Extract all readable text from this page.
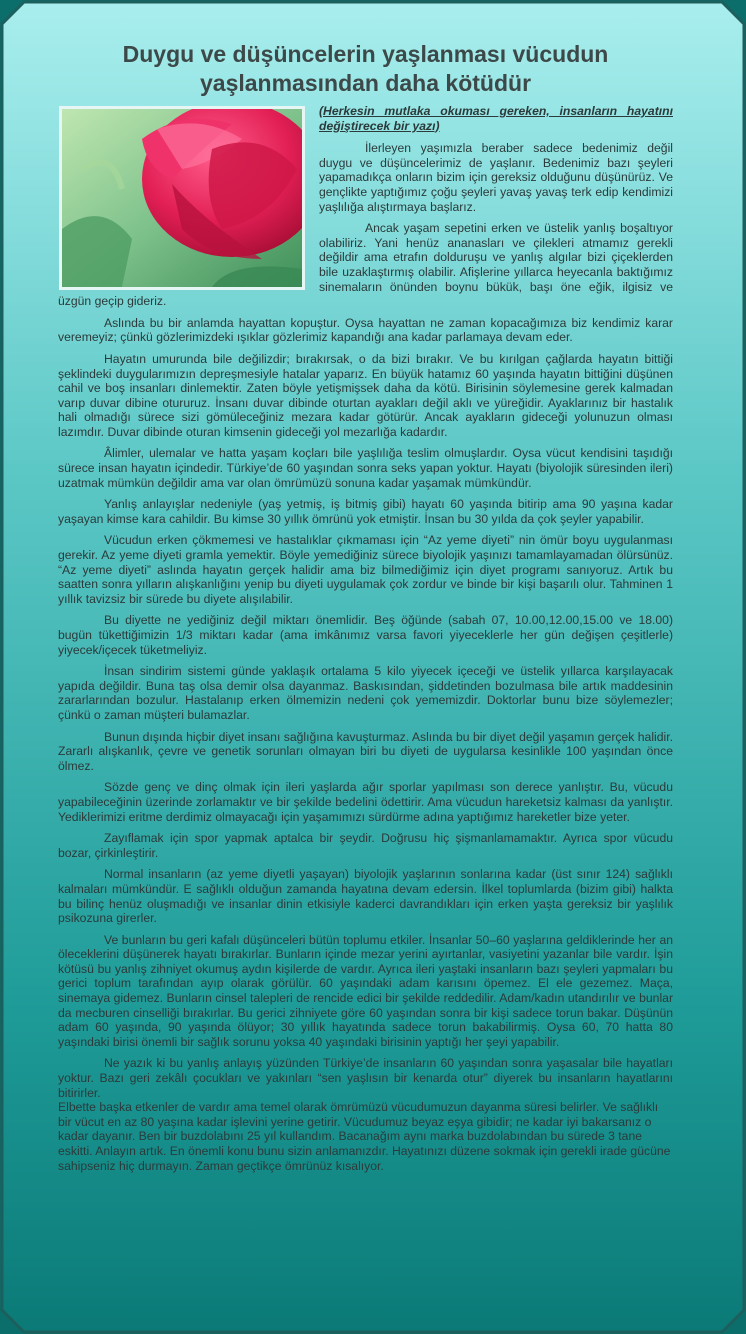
Duygu ve düşüncelerin yaşlanması vücudun yaşlanmasından daha kötüdür

(Herkesin mutlaka okuması gereken, insanların hayatını değiştirecek bir yazı)

İlerleyen yaşımızla beraber sadece bedenimiz değil duygu ve düşüncelerimiz de yaşlanır. Bedenimiz bazı şeyleri yapamadıkça onların bizim için gereksiz olduğunu düşünürüz. Ve gençlikte yaptığımız çoğu şeyleri yavaş yavaş terk edip kendimizi yaşlılığa alıştırmaya başlarız.

Ancak yaşam sepetini erken ve üstelik yanlış boşaltıyor olabiliriz. Yani henüz ananasları ve çilekleri atmamız gerekli değildir ama etrafın dolduruşu ve yanlış algılar bizi çiçeklerden bile uzaklaştırmış olabilir. Afişlerine yıllarca heyecanla baktığımız sinemaların önünden boynu bükük, başı öne eğik, ilgisiz ve üzgün geçip gideriz.

Aslında bu bir anlamda hayattan kopuştur. Oysa hayattan ne zaman kopacağımıza biz kendimiz karar veremeyiz; çünkü gözlerimizdeki ışıklar gözlerimiz kapandığı ana kadar parlamaya devam eder.

Hayatın umurunda bile değilizdir; bırakırsak, o da bizi bırakır. Ve bu kırılgan çağlarda hayatın bittiği şeklindeki duygularımızın depreşmesiyle hatalar yaparız. En büyük hatamız 60 yaşında hayatın bittiğini düşünen cahil ve boş insanları dinlemektir. Zaten böyle yetişmişsek daha da kötü. Birisinin söylemesine gerek kalmadan varıp duvar dibine otururuz. İnsanı duvar dibinde oturtan ayakları değil aklı ve yüreğidir. Ayaklarınız bir hastalık hali olmadığı sürece sizi gömüleceğiniz mezara kadar götürür. Ancak ayakların gideceği yolunuzun olması lazımdır. Duvar dibinde oturan kimsenin gideceği yol mezarlığa kadardır.

Âlimler, ulemalar ve hatta yaşam koçları bile yaşlılığa teslim olmuşlardır. Oysa vücut kendisini taşıdığı sürece insan hayatın içindedir. Türkiye’de 60 yaşından sonra seks yapan yoktur. Hayatı (biyolojik süresinden ileri) uzatmak mümkün değildir ama var olan ömrümüzü sonuna kadar yaşamak mümkündür.

Yanlış anlayışlar nedeniyle (yaş yetmiş, iş bitmiş gibi) hayatı 60 yaşında bitirip ama 90 yaşına kadar yaşayan kimse kara cahildir. Bu kimse 30 yıllık ömrünü yok etmiştir. İnsan bu 30 yılda da çok şeyler yapabilir.

Vücudun erken çökmemesi ve hastalıklar çıkmaması için “Az yeme diyeti” nin ömür boyu uygulanması gerekir. Az yeme diyeti gramla yemektir. Böyle yemediğiniz sürece biyolojik yaşınızı tamamlayamadan ölürsünüz. “Az yeme diyeti” aslında hayatın gerçek halidir ama biz bilmediğimiz için diyet programı sanıyoruz. Artık bu saatten sonra yılların alışkanlığını yenip bu diyeti uygulamak çok zordur ve binde bir kişi başarılı olur. Tahminen 1 yıllık tavizsiz bir sürede bu diyete alışılabilir.

Bu diyette ne yediğiniz değil miktarı önemlidir. Beş öğünde (sabah 07, 10.00,12.00,15.00 ve 18.00) bugün tükettiğimizin 1/3 miktarı kadar (ama imkânımız varsa favori yiyeceklerle her gün değişen çeşitlerle) yiyecek/içecek tüketmeliyiz.

İnsan sindirim sistemi günde yaklaşık ortalama 5 kilo yiyecek içeceği ve üstelik yıllarca karşılayacak yapıda değildir. Buna taş olsa demir olsa dayanmaz. Baskısından, şiddetinden bozulmasa bile artık maddesinin zararlarından bozulur. Hastalanıp erken ölmemizin nedeni çok yememizdir. Doktorlar bunu bize söylemezler; çünkü o zaman müşteri bulamazlar.

Bunun dışında hiçbir diyet insanı sağlığına kavuşturmaz. Aslında bu bir diyet değil yaşamın gerçek halidir. Zararlı alışkanlık, çevre ve genetik sorunları olmayan biri bu diyeti de uygularsa kesinlikle 100 yaşından önce ölmez.

Sözde genç ve dinç olmak için ileri yaşlarda ağır sporlar yapılması son derece yanlıştır. Bu, vücudu yapabileceğinin üzerinde zorlamaktır ve bir şekilde bedelini ödettirir. Ama vücudun hareketsiz kalması da yanlıştır. Yediklerimizi eritme derdimiz olmayacağı için yaşamımızı sürdürme adına yaptığımız hareketler bize yeter.

Zayıflamak için spor yapmak aptalca bir şeydir. Doğrusu hiç şişmanlamamaktır. Ayrıca spor vücudu bozar, çirkinleştirir.

Normal insanların (az yeme diyetli yaşayan) biyolojik yaşlarının sonlarına kadar (üst sınır 124) sağlıklı kalmaları mümkündür. E sağlıklı olduğun zamanda hayatına devam edersin. İlkel toplumlarda (bizim gibi) halkta bu bilinç henüz oluşmadığı ve insanlar dinin etkisiyle kaderci davrandıkları için erken yaşta gereksiz bir yaşlılık psikozuna girerler.

Ve bunların bu geri kafalı düşünceleri bütün toplumu etkiler. İnsanlar 50–60 yaşlarına geldiklerinde her an öleceklerini düşünerek hayatı bırakırlar. Bunların içinde mezar yerini ayırtanlar, vasiyetini yazanlar bile vardır. İşin kötüsü bu yanlış zihniyet okumuş aydın kişilerde de vardır. Ayrıca ileri yaştaki insanların bazı şeyleri yapmaları bu gerici toplum tarafından ayıp olarak görülür. 60 yaşındaki adam karısını öpemez. El ele gezemez. Maça, sinemaya gidemez. Bunların cinsel talepleri de rencide edici bir şekilde reddedilir. Adam/kadın utandırılır ve bunlar da mecburen cinselliği bırakırlar. Bu gerici zihniyete göre 60 yaşından sonra bir kişi sadece torun bakar. Düşünün adam 60 yaşında, 90 yaşında ölüyor; 30 yıllık hayatında sadece torun bakabilirmiş. Oysa 60, 70 hatta 80 yaşındaki birisi önemli bir sağlık sorunu yoksa 40 yaşındaki birisinin yaptığı her şeyi yapabilir.

Ne yazık ki bu yanlış anlayış yüzünden Türkiye’de insanların 60 yaşından sonra yaşasalar bile hayatları yoktur. Bazı geri zekâlı çocukları ve yakınları “sen yaşlısın bir kenarda otur” diyerek bu insanların hayatlarını bitirirler.

Elbette başka etkenler de vardır ama temel olarak ömrümüzü vücudumuzun dayanma süresi belirler. Ve sağlıklı bir vücut en az 80 yaşına kadar işlevini yerine getirir. Vücudumuz beyaz eşya gibidir; ne kadar iyi bakarsanız o kadar dayanır. Ben bir buzdolabını 25 yıl kullandım. Bacanağım aynı marka buzdolabından bu sürede 3 tane eskitti. Anlayın artık. En önemli konu bunu sizin anlamanızdır. Hayatınızı düzene sokmak için gerekli irade gücüne sahipseniz hiç durmayın. Zaman geçtikçe ömrünüz kısalıyor.
